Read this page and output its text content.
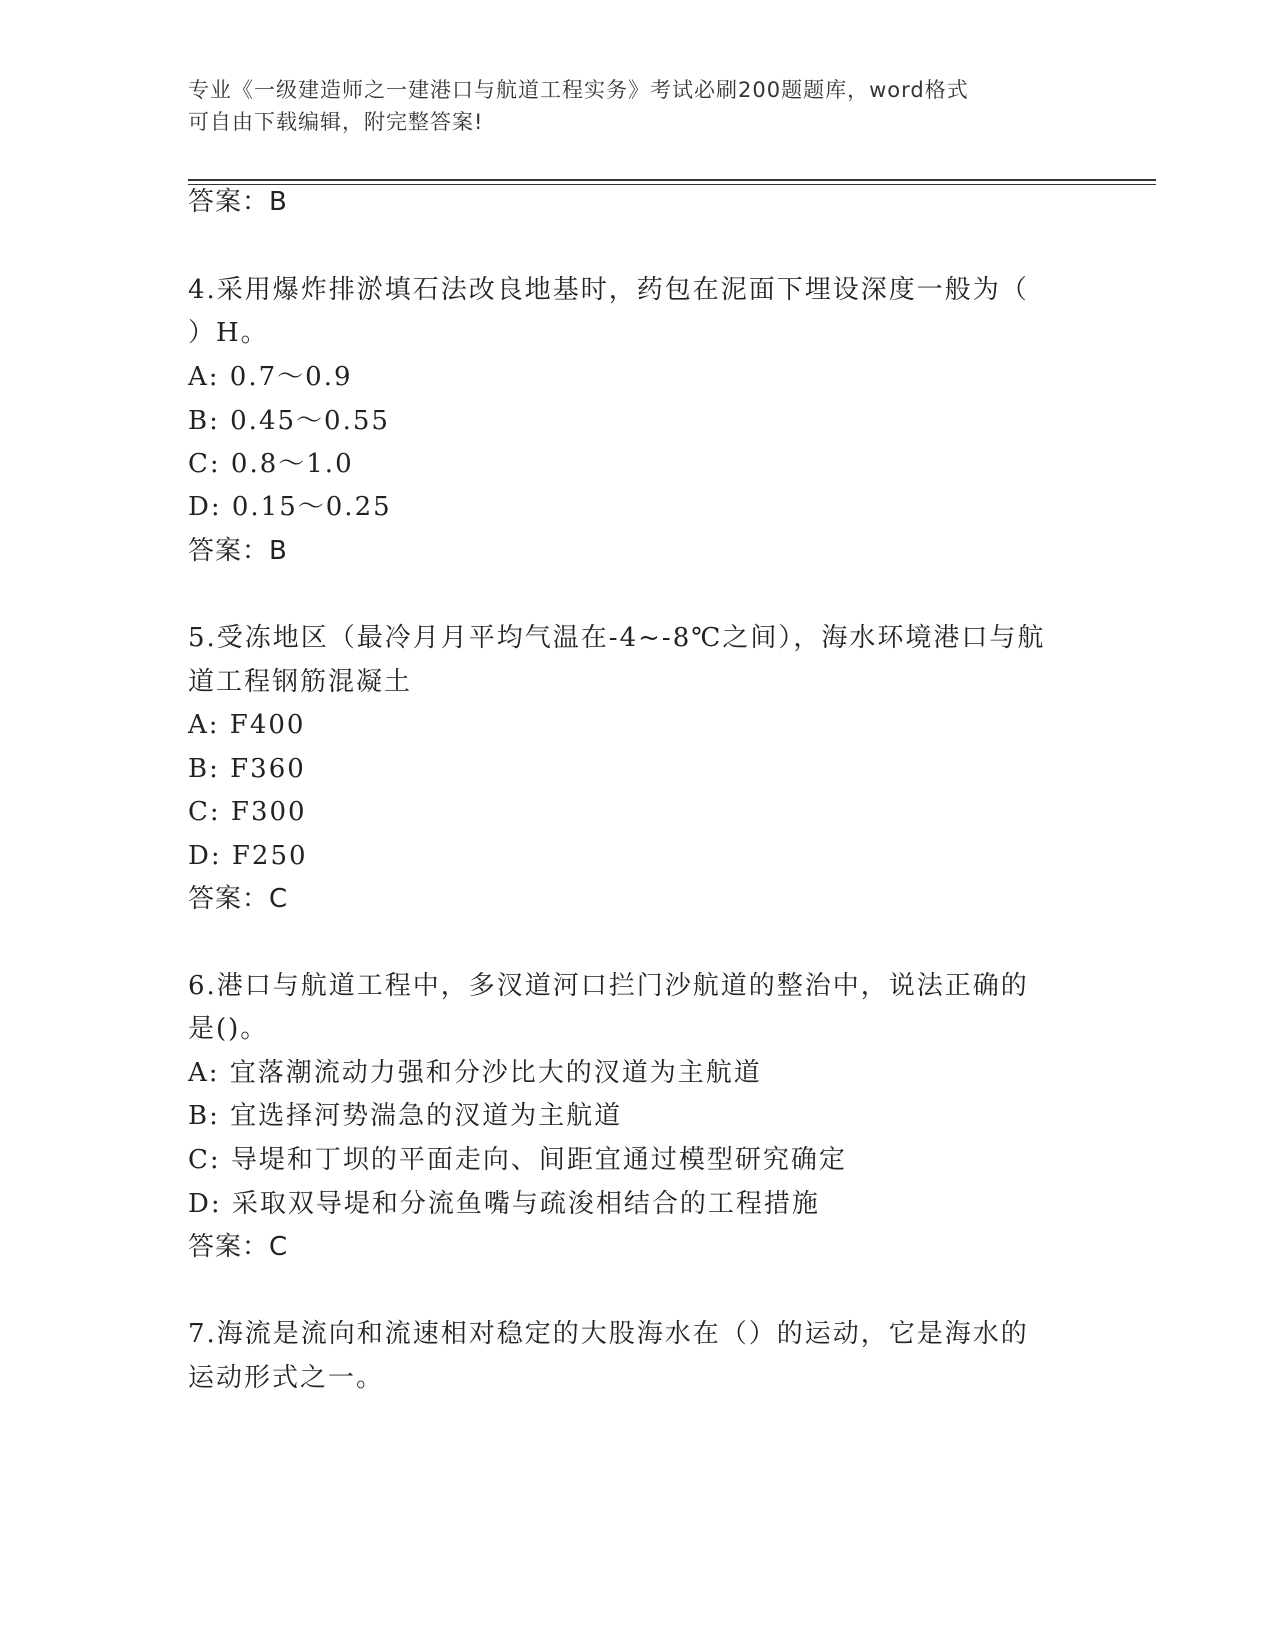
专业《一级建造师之一建港口与航道工程实务》考试必刷200题题库，word格式
可自由下载编辑，附完整答案!
答案：B
4.采用爆炸排淤填石法改良地基时，药包在泥面下埋设深度一般为（
）H。
A: 0.7～0.9
B: 0.45～0.55
C: 0.8～1.0
D: 0.15～0.25
答案：B
5.受冻地区（最冷月月平均气温在-4~-8℃之间），海水环境港口与航
道工程钢筋混凝土
A: F400
B: F360
C: F300
D: F250
答案：C
6.港口与航道工程中，多汊道河口拦门沙航道的整治中，说法正确的
是()。
A: 宜落潮流动力强和分沙比大的汊道为主航道
B: 宜选择河势湍急的汊道为主航道
C: 导堤和丁坝的平面走向、间距宜通过模型研究确定
D: 采取双导堤和分流鱼嘴与疏浚相结合的工程措施
答案：C
7.海流是流向和流速相对稳定的大股海水在（）的运动，它是海水的
运动形式之一。
